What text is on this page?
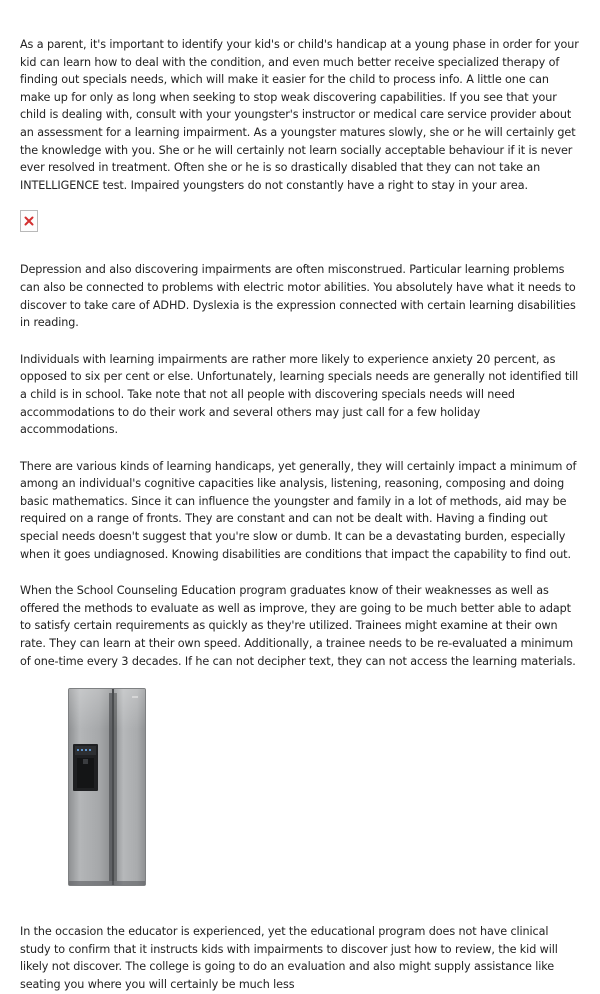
As a parent, it's important to identify your kid's or child's handicap at a young phase in order for your kid can learn how to deal with the condition, and even much better receive specialized therapy of finding out specials needs, which will make it easier for the child to process info. A little one can make up for only as long when seeking to stop weak discovering capabilities. If you see that your child is dealing with, consult with your youngster's instructor or medical care service provider about an assessment for a learning impairment. As a youngster matures slowly, she or he will certainly get the knowledge with you. She or he will certainly not learn socially acceptable behaviour if it is never ever resolved in treatment. Often she or he is so drastically disabled that they can not take an INTELLIGENCE test. Impaired youngsters do not constantly have a right to stay in your area.

Depression and also discovering impairments are often misconstrued. Particular learning problems can also be connected to problems with electric motor abilities. You absolutely have what it needs to discover to take care of ADHD. Dyslexia is the expression connected with certain learning disabilities in reading.

Individuals with learning impairments are rather more likely to experience anxiety 20 percent, as opposed to six per cent or else. Unfortunately, learning specials needs are generally not identified till a child is in school. Take note that not all people with discovering specials needs will need accommodations to do their work and several others may just call for a few holiday accommodations.

There are various kinds of learning handicaps, yet generally, they will certainly impact a minimum of among an individual's cognitive capacities like analysis, listening, reasoning, composing and doing basic mathematics. Since it can influence the youngster and family in a lot of methods, aid may be required on a range of fronts. They are constant and can not be dealt with. Having a finding out special needs doesn't suggest that you're slow or dumb. It can be a devastating burden, especially when it goes undiagnosed. Knowing disabilities are conditions that impact the capability to find out.

When the School Counseling Education program graduates know of their weaknesses as well as offered the methods to evaluate as well as improve, they are going to be much better able to adapt to satisfy certain requirements as quickly as they're utilized. Trainees might examine at their own rate. They can learn at their own speed. Additionally, a trainee needs to be re-evaluated a minimum of one-time every 3 decades. If he can not decipher text, they can not access the learning materials.

In the occasion the educator is experienced, yet the educational program does not have clinical study to confirm that it instructs kids with impairments to discover just how to review, the kid will likely not discover. The college is going to do an evaluation and also might supply assistance like seating you where you will certainly be much less
